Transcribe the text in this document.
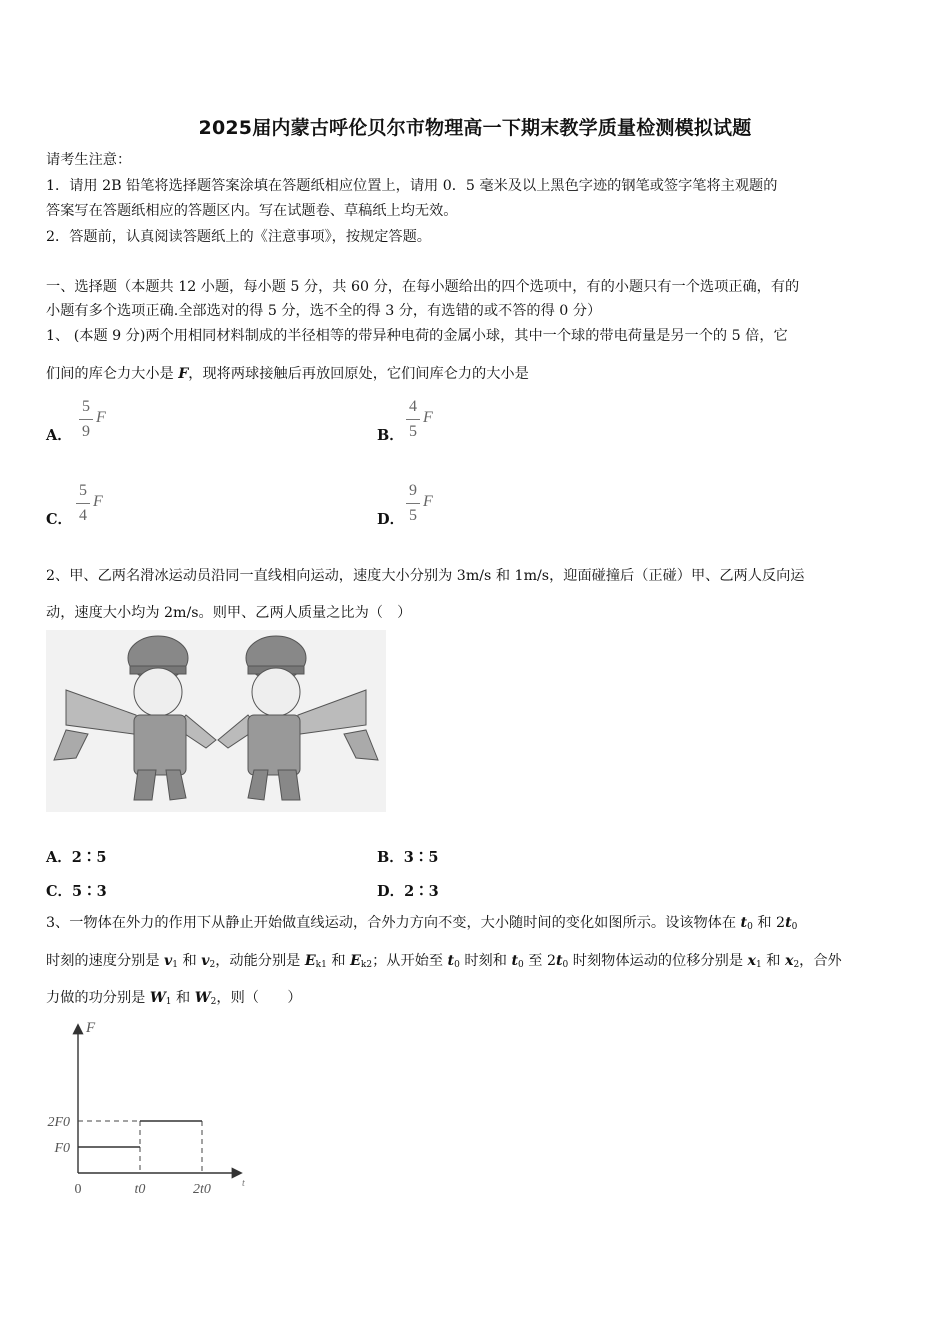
2025届内蒙古呼伦贝尔市物理高一下期末教学质量检测模拟试题
请考生注意：
1．请用 2B 铅笔将选择题答案涂填在答题纸相应位置上，请用 0．5 毫米及以上黑色字迹的钢笔或签字笔将主观题的
答案写在答题纸相应的答题区内。写在试题卷、草稿纸上均无效。
2．答题前，认真阅读答题纸上的《注意事项》，按规定答题。
一、选择题（本题共 12 小题，每小题 5 分，共 60 分，在每小题给出的四个选项中，有的小题只有一个选项正确，有的
小题有多个选项正确.全部选对的得 5 分，选不全的得 3 分，有选错的或不答的得 0 分）
1、 (本题 9 分)两个用相同材料制成的半径相等的带异种电荷的金属小球，其中一个球的带电荷量是另一个的 5 倍，它
们间的库仑力大小是 F，现将两球接触后再放回原处，它们间库仑力的大小是
A．
5
9
F
B．
4
5
F
C．
5
4
F
D．
9
5
F
2、甲、乙两名滑冰运动员沿同一直线相向运动，速度大小分别为 3m/s 和 1m/s，迎面碰撞后（正碰）甲、乙两人反向运
动，速度大小均为 2m/s。则甲、乙两人质量之比为（　）
A．2∶5	B．3∶5
C．5∶3	D．2∶3
3、一物体在外力的作用下从静止开始做直线运动，合外力方向不变，大小随时间的变化如图所示。设该物体在 $t_0$ 和 $2t_0$
时刻的速度分别是 $v_1$ 和 $v_2$，动能分别是 $E_{k1}$ 和 $E_{k2}$；从开始至 $t_0$ 时刻和 $t_0$ 至 $2t_0$ 时刻物体运动的位移分别是 $x_1$ 和 $x_2$，合外
力做的功分别是 $W_1$ 和 $W_2$，则（　　）
F
t
F0
2F0
0	t0	2t0
